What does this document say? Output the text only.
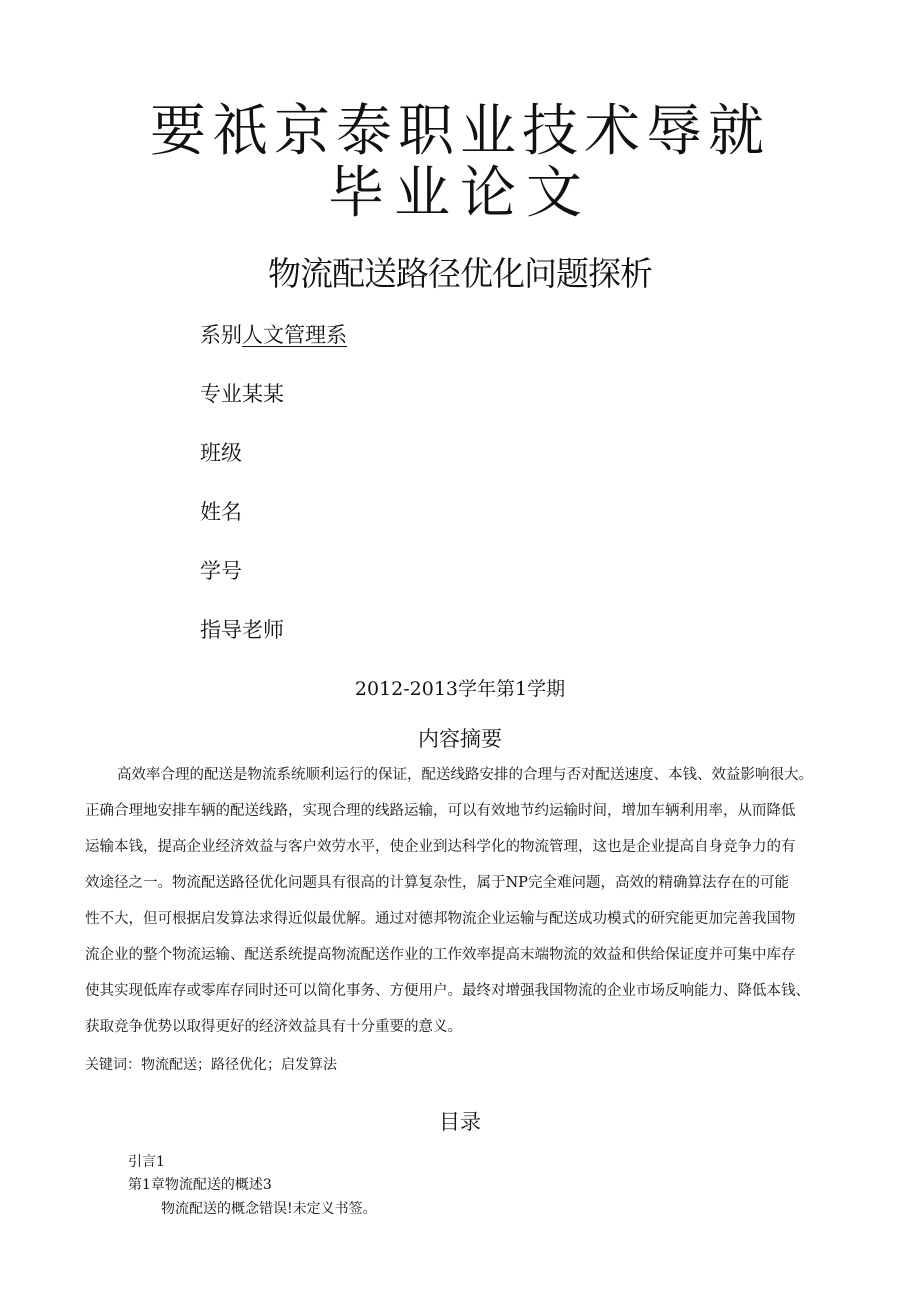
要祇京泰职业技术辱就
毕业论文
物流配送路径优化问题探析
系别人文管理系
专业某某
班级
姓名
学号
指导老师
2012-2013学年第1学期
内容摘要
高效率合理的配送是物流系统顺利运行的保证，配送线路安排的合理与否对配送速度、本钱、效益影响很大。
正确合理地安排车辆的配送线路，实现合理的线路运输，可以有效地节约运输时间，增加车辆利用率，从而降低
运输本钱，提高企业经济效益与客户效劳水平，使企业到达科学化的物流管理，这也是企业提高自身竞争力的有
效途径之一。物流配送路径优化问题具有很高的计算复杂性，属于NP完全难问题，高效的精确算法存在的可能
性不大，但可根据启发算法求得近似最优解。通过对德邦物流企业运输与配送成功模式的研究能更加完善我国物
流企业的整个物流运输、配送系统提高物流配送作业的工作效率提高末端物流的效益和供给保证度并可集中库存
使其实现低库存或零库存同时还可以简化事务、方便用户。最终对增强我国物流的企业市场反响能力、降低本钱、
获取竞争优势以取得更好的经济效益具有十分重要的意义。
关键词：物流配送；路径优化；启发算法
目录
引言1
第1章物流配送的概述3
物流配送的概念错误!未定义书签。
